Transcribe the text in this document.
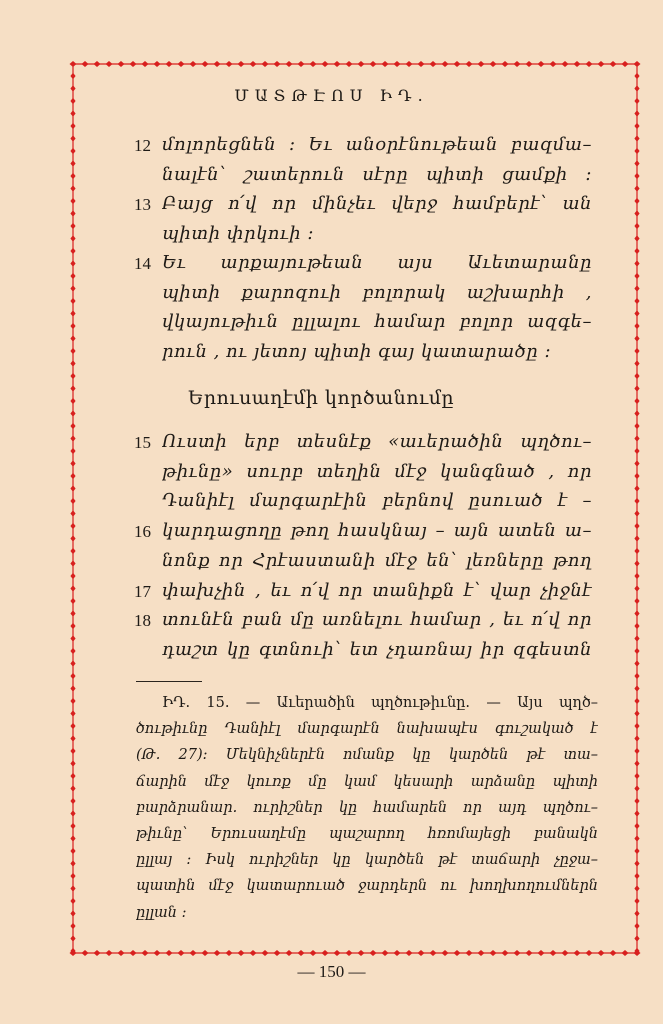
ՄԱՏԹԷՈՍ ԻԴ.
12 մոլորեցնեն ։ Եւ անօրէնութեան բազմա–
նալէն՝ շատերուն սէրը պիտի ցամքի ։
13 Բայց ո՛վ որ մինչեւ վերջ համբերէ՝ ան
պիտի փրկուի ։
14 Եւ արքայութեան այս Աւետարանը
պիտի քարոզուի բոլորակ աշխարհի ,
վկայութիւն ըլլալու համար բոլոր ազգե–
րուն , ու յետոյ պիտի գայ կատարածը ։
Երուսաղէմի կործանումը
15 Ուստի երբ տեսնէք «աւերածին պղծու–
թիւնը» սուրբ տեղին մէջ կանգնած , որ
Դանիէլ մարգարէին բերնով ըսուած է –
16 կարդացողը թող հասկնայ – այն ատեն ա–
նոնք որ Հրէաստանի մէջ են՝ լեռները թող
17 փախչին , եւ ո՛վ որ տանիքն է՝ վար չիջնէ
18 տունէն բան մը առնելու համար , եւ ո՛վ որ
դաշտ կը գտնուի՝ ետ չդառնայ իր զգեստն
ԻԴ. 15. — Աւերածին պղծութիւնը. — Այս պղծ–
ծութիւնը Դանիէլ մարգարէն նախապէս գուշակած է
(Թ. 27)։ Մեկնիչներէն ոմանք կը կարծեն թէ տա–
ճարին մէջ կուռք մը կամ կեսարի արձանը պիտի
բարձրանար. ուրիշներ կը համարեն որ այդ պղծու–
թիւնը՝ Երուսաղէմը պաշարող հռոմայեցի բանակն
ըլլայ ։ Իսկ ուրիշներ կը կարծեն թէ տաճարի չըջա–
պատին մէջ կատարուած ջարդերն ու խողխողումներն
ըլլան ։
— 150 —
